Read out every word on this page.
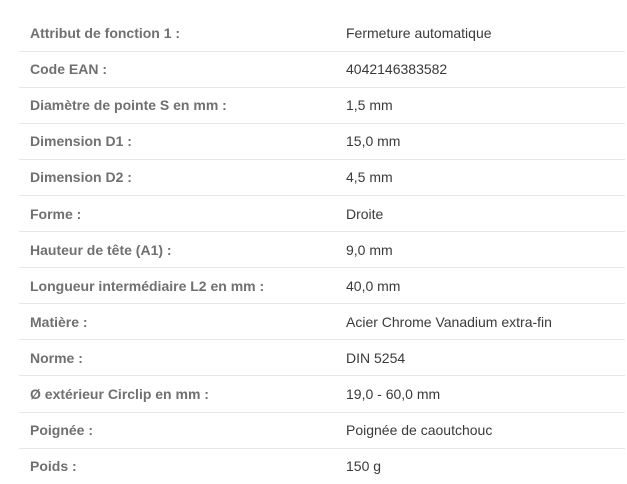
Attribut de fonction 1 :	Fermeture automatique
Code EAN :	4042146383582
Diamètre de pointe S en mm :	1,5 mm
Dimension D1 :	15,0 mm
Dimension D2 :	4,5 mm
Forme :	Droite
Hauteur de tête (A1) :	9,0 mm
Longueur intermédiaire L2 en mm :	40,0 mm
Matière :	Acier Chrome Vanadium extra-fin
Norme :	DIN 5254
Ø extérieur Circlip en mm :	19,0 - 60,0 mm
Poignée :	Poignée de caoutchouc
Poids :	150 g
